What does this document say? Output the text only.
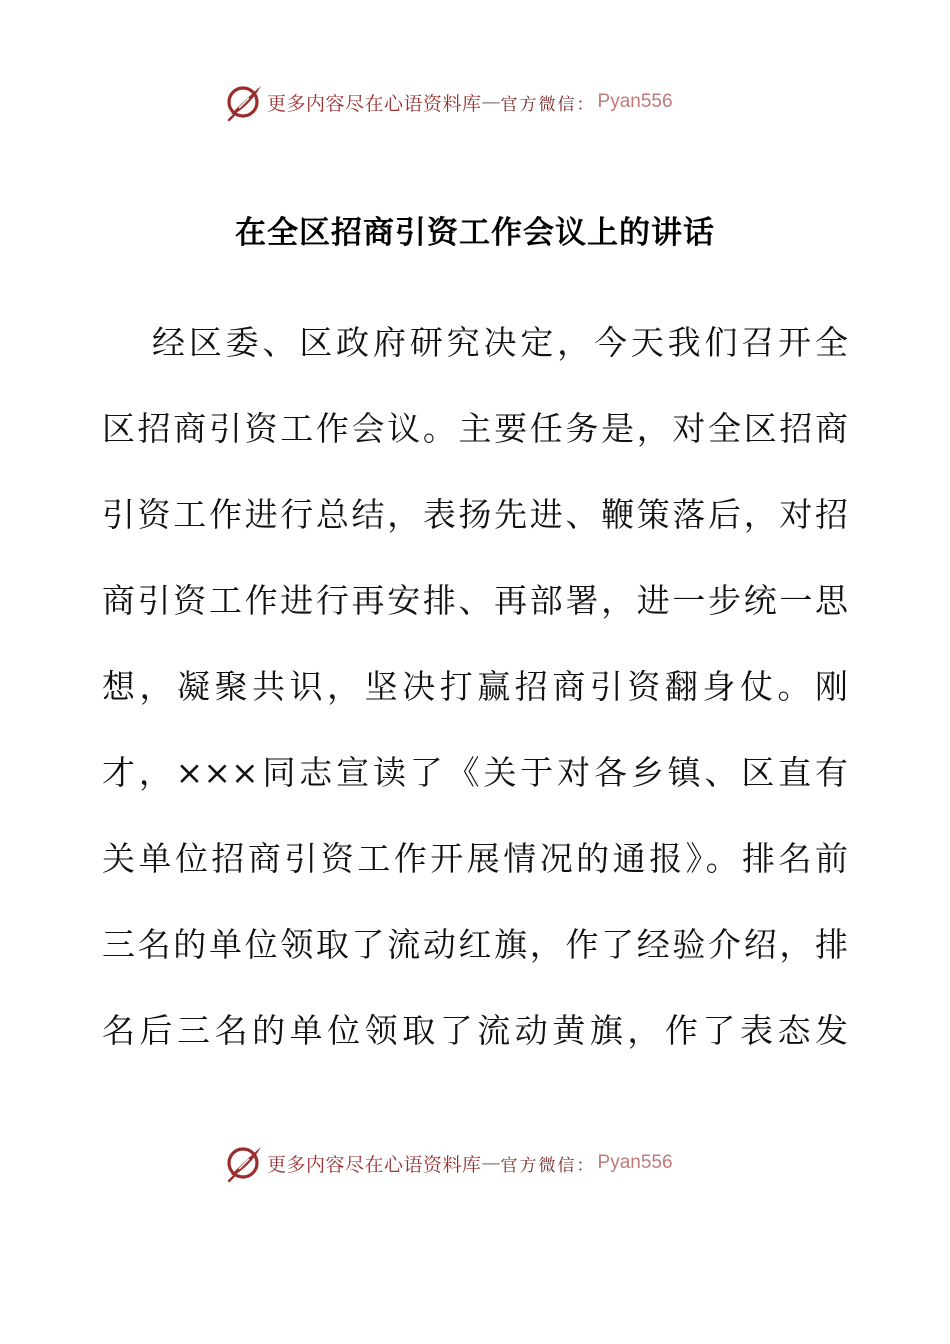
更多内容尽在心语资料库 — 官方微信： Pyan556
在全区招商引资工作会议上的讲话
经区委、区政府研究决定，今天我们召开全
区招商引资工作会议。主要任务是，对全区招商
引资工作进行总结，表扬先进、鞭策落后，对招
商引资工作进行再安排、再部署，进一步统一思
想，凝聚共识，坚决打赢招商引资翻身仗。刚
才，×××同志宣读了《关于对各乡镇、区直有
关单位招商引资工作开展情况的通报》。排名前
三名的单位领取了流动红旗，作了经验介绍，排
名后三名的单位领取了流动黄旗，作了表态发
更多内容尽在心语资料库 — 官方微信： Pyan556
